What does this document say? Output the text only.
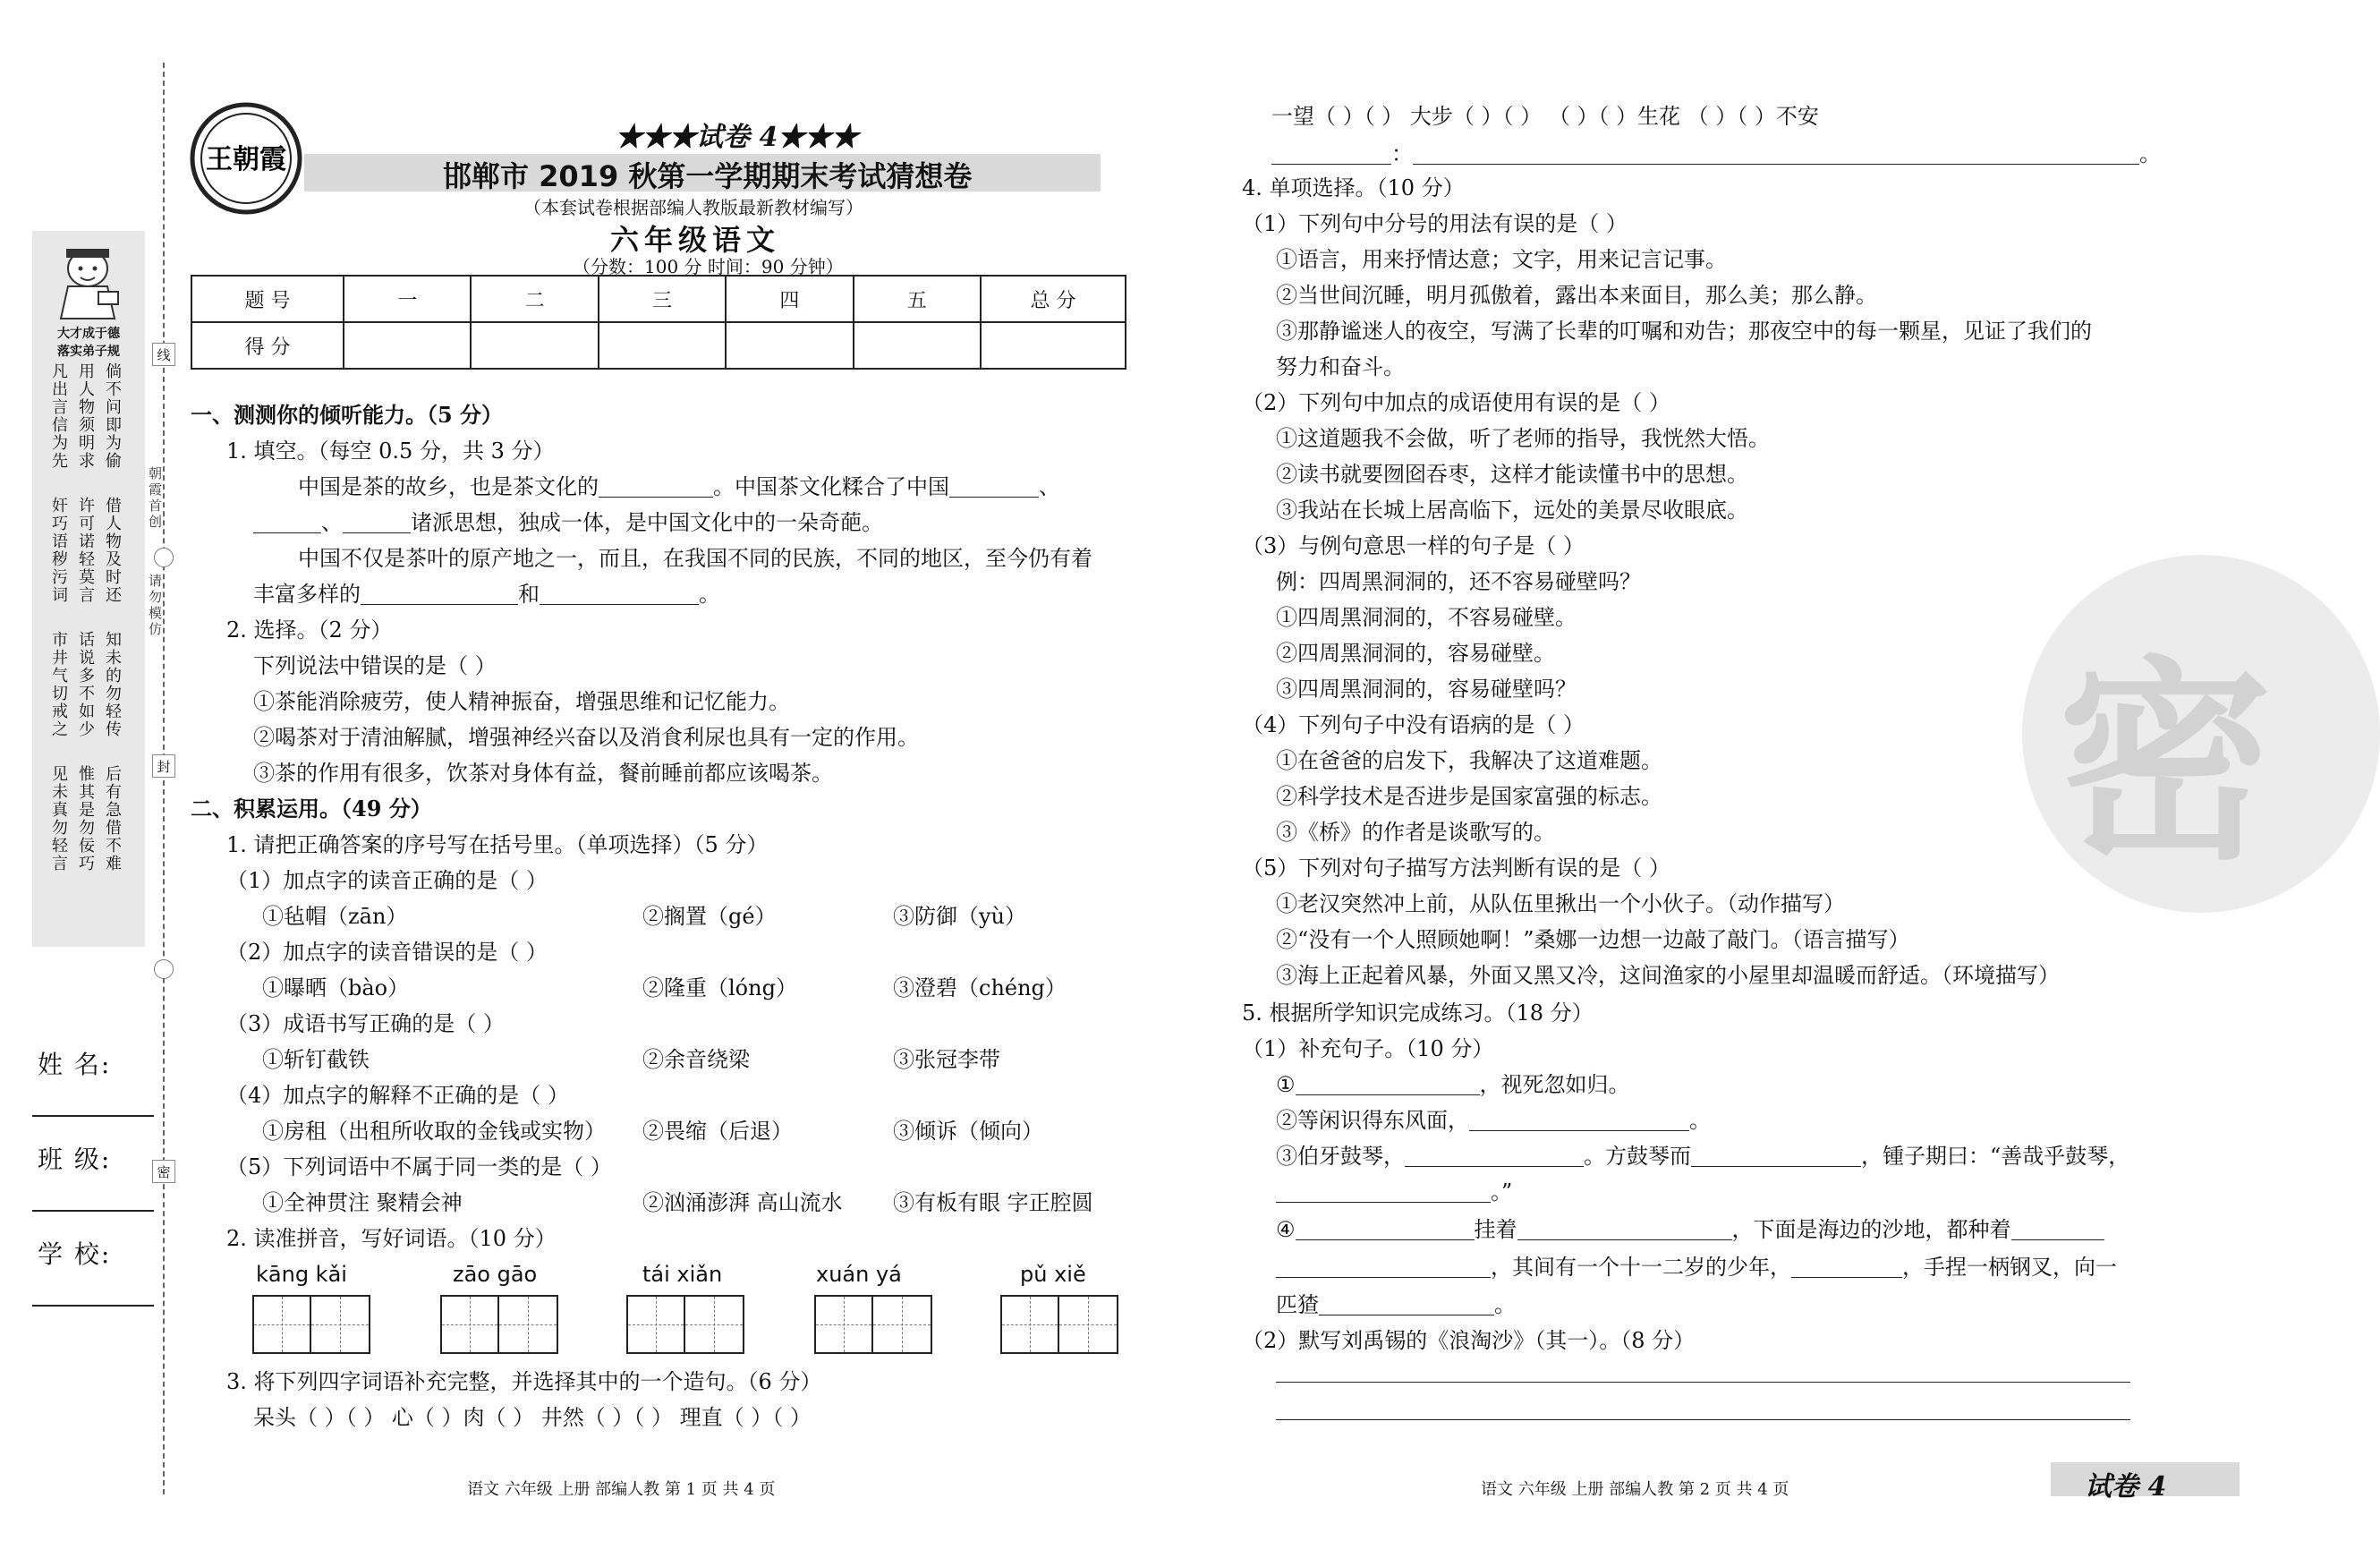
线
封
密
朝霞首创
请勿模仿
大才成于德
落实弟子规
凡出言信为先
奸巧语秽污词
市井气切戒之
见未真勿轻言
用人物须明求
许可诺轻莫言
话说多不如少
惟其是勿佞巧
倘不问即为偷
借人物及时还
知未的勿轻传
后有急借不难
姓 名:
班 级:
学 校:
王朝霞
★★★试卷 4★★★
邯郸市 2019 秋第一学期期末考试猜想卷
（本套试卷根据部编人教版最新教材编写）
六年级语文
（分数：100 分 时间：90 分钟）
题 号	一	二	三	四	五	总 分
得 分						
一、测测你的倾听能力。（5 分）
1. 填空。（每空 0.5 分，共 3 分）
中国是茶的故乡，也是茶文化的	。中国茶文化糅合了中国	、
、	诸派思想，独成一体，是中国文化中的一朵奇葩。
中国不仅是茶叶的原产地之一，而且，在我国不同的民族，不同的地区，至今仍有着
丰富多样的	和	。
2. 选择。（2 分）
下列说法中错误的是（ ）
①茶能消除疲劳，使人精神振奋，增强思维和记忆能力。
②喝茶对于清油解腻，增强神经兴奋以及消食利尿也具有一定的作用。
③茶的作用有很多，饮茶对身体有益，餐前睡前都应该喝茶。
二、积累运用。（49 分）
1. 请把正确答案的序号写在括号里。（单项选择）（5 分）
（1）加点字的读音正确的是（ ）
①毡帽（zān）	②搁置（gé）	③防御（yù）
（2）加点字的读音错误的是（ ）
①曝晒（bào）	②隆重（lóng）	③澄碧（chéng）
（3）成语书写正确的是（ ）
①斩钉截铁	②余音绕梁	③张冠李带
（4）加点字的解释不正确的是（ ）
①房租（出租所收取的金钱或实物） ②畏缩（后退）	③倾诉（倾向）
（5）下列词语中不属于同一类的是（ ）
①全神贯注 聚精会神	②汹涌澎湃 高山流水 ③有板有眼 字正腔圆
2. 读准拼音，写好词语。（10 分）
kāng kǎi	zāo gāo	tái xiǎn	xuán yá	pǔ xiě
3. 将下列四字词语补充完整，并选择其中的一个造句。（6 分）
呆头（ ）（ ） 心（ ）肉（ ） 井然（ ）（ ） 理直（ ）（ ）
语文 六年级 上册 部编人教 第 1 页 共 4 页
密
一望（ ）（ ） 大步（ ）（ ） （ ）（ ）生花 （ ）（ ）不安
：	。
4. 单项选择。（10 分）
（1）下列句中分号的用法有误的是（ ）
①语言，用来抒情达意；文字，用来记言记事。
②当世间沉睡，明月孤傲着，露出本来面目，那么美；那么静。
③那静谧迷人的夜空，写满了长辈的叮嘱和劝告；那夜空中的每一颗星，见证了我们的
努力和奋斗。
（2）下列句中加点的成语使用有误的是（ ）
①这道题我不会做，听了老师的指导，我恍然大悟。
②读书就要囫囵吞枣，这样才能读懂书中的思想。
③我站在长城上居高临下，远处的美景尽收眼底。
（3）与例句意思一样的句子是（ ）
例：四周黑洞洞的，还不容易碰壁吗？
①四周黑洞洞的，不容易碰壁。
②四周黑洞洞的，容易碰壁。
③四周黑洞洞的，容易碰壁吗？
（4）下列句子中没有语病的是（ ）
①在爸爸的启发下，我解决了这道难题。
②科学技术是否进步是国家富强的标志。
③《桥》的作者是谈歌写的。
（5）下列对句子描写方法判断有误的是（ ）
①老汉突然冲上前，从队伍里揪出一个小伙子。（动作描写）
②“没有一个人照顾她啊！”桑娜一边想一边敲了敲门。（语言描写）
③海上正起着风暴，外面又黑又冷，这间渔家的小屋里却温暖而舒适。（环境描写）
5. 根据所学知识完成练习。（18 分）
（1）补充句子。（10 分）
①	，视死忽如归。
②等闲识得东风面，	。
③伯牙鼓琴，	。方鼓琴而	，锺子期曰：“善哉乎鼓琴，
。”
④	挂着	，下面是海边的沙地，都种着
，其间有一个十一二岁的少年，	，手捏一柄钢叉，向一
匹猹	。
（2）默写刘禹锡的《浪淘沙》（其一）。（8 分）
语文 六年级 上册 部编人教 第 2 页 共 4 页	试卷 4
